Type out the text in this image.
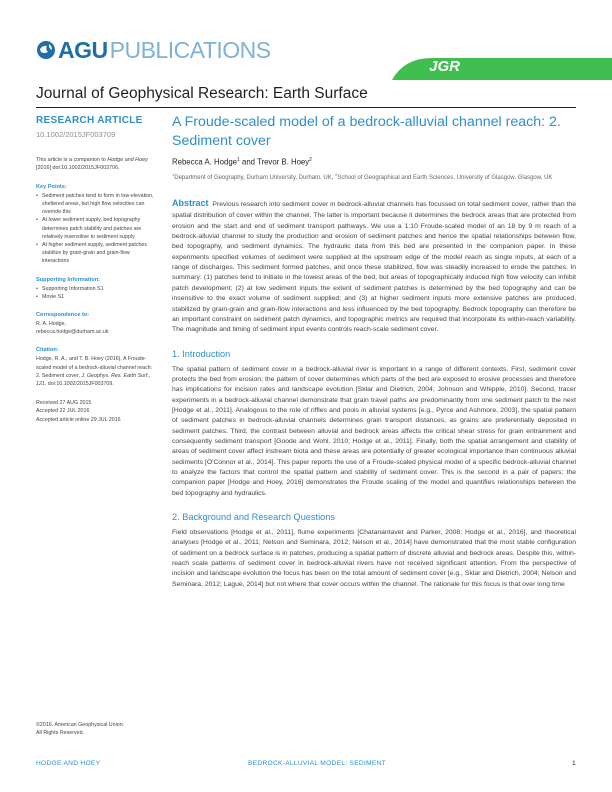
AGU PUBLICATIONS
JGR
Journal of Geophysical Research: Earth Surface
RESEARCH ARTICLE
10.1002/2015JF003709
This article is a companion to Hodge and Hoey [2016] doi:10.1002/2015JF003706.
Key Points:
• Sediment patches tend to form in low-elevation, sheltered areas, but high flow velocities can override this
• At lower sediment supply, bed topography determines patch stability and patches are relatively insensitive to sediment supply
• At higher sediment supply, sediment patches stabilize by grain-grain and grain-flow interactions
Supporting Information:
• Supporting Information S1
• Movie S1
Correspondence to:
R. A. Hodge,
rebecca.hodge@durham.ac.uk
Citation:
Hodge, R. A., and T. B. Hoey (2016), A Froude-scaled model of a bedrock-alluvial channel reach: 2. Sediment cover, J. Geophys. Res. Earth Surf., 121, doi:10.1002/2015JF003709.
Received 27 AUG 2015
Accepted 22 JUL 2016
Accepted article online 29 JUL 2016
©2016. American Geophysical Union.
All Rights Reserved.
A Froude-scaled model of a bedrock-alluvial channel reach: 2. Sediment cover
Rebecca A. Hodge$^1$ and Trevor B. Hoey$^2$
$^1$Department of Geography, Durham University, Durham, UK, $^2$School of Geographical and Earth Sciences, University of Glasgow, Glasgow, UK
Abstract Previous research into sediment cover in bedrock-alluvial channels has focussed on total sediment cover, rather than the spatial distribution of cover within the channel. The latter is important because it determines the bedrock areas that are protected from erosion and the start and end of sediment transport pathways. We use a 1:10 Froude-scaled model of an 18 by 9 m reach of a bedrock-alluvial channel to study the production and erosion of sediment patches and hence the spatial relationships between flow, bed topography, and sediment dynamics. The hydraulic data from this bed are presented in the companion paper. In these experiments specified volumes of sediment were supplied at the upstream edge of the model reach as single inputs, at each of a range of discharges. This sediment formed patches, and once these stabilized, flow was steadily increased to erode the patches. In summary: (1) patches tend to initiate in the lowest areas of the bed, but areas of topographically induced high flow velocity can inhibit patch development; (2) at low sediment inputs the extent of sediment patches is determined by the bed topography and can be insensitive to the exact volume of sediment supplied; and (3) at higher sediment inputs more extensive patches are produced, stabilized by grain-grain and grain-flow interactions and less influenced by the bed topography. Bedrock topography can therefore be an important constraint on sediment patch dynamics, and topographic metrics are required that incorporate its within-reach variability. The magnitude and timing of sediment input events controls reach-scale sediment cover.
1. Introduction
The spatial pattern of sediment cover in a bedrock-alluvial river is important in a range of different contexts. First, sediment cover protects the bed from erosion; the pattern of cover determines which parts of the bed are exposed to erosive processes and therefore has implications for incision rates and landscape evolution [Sklar and Dietrich, 2004; Johnson and Whipple, 2010]. Second, tracer experiments in a bedrock-alluvial channel demonstrate that grain travel paths are predominantly from one sediment patch to the next [Hodge et al., 2011]. Analogous to the role of riffles and pools in alluvial systems [e.g., Pyrce and Ashmore, 2003], the spatial pattern of sediment patches in bedrock-alluvial channels determines grain transport distances, as grains are preferentially deposited in sediment patches. Third, the contrast between alluvial and bedrock areas affects the critical shear stress for grain entrainment and consequently sediment transport [Goode and Wohl, 2010; Hodge et al., 2011]. Finally, both the spatial arrangement and stability of areas of sediment cover affect instream biota and these areas are potentially of greater ecological importance than continuous alluvial sediments [O'Connor et al., 2014]. This paper reports the use of a Froude-scaled physical model of a specific bedrock-alluvial channel to analyze the factors that control the spatial pattern and stability of sediment cover. This is the second in a pair of papers; the companion paper [Hodge and Hoey, 2016] demonstrates the Froude scaling of the model and quantifies relationships between the bed topography and hydraulics.
2. Background and Research Questions
Field observations [Hodge et al., 2011], flume experiments [Chatanantavet and Parker, 2008; Hodge et al., 2016], and theoretical analyses [Hodge et al., 2011; Nelson and Seminara, 2012; Nelson et al., 2014] have demonstrated that the most stable configuration of sediment on a bedrock surface is in patches, producing a spatial pattern of discrete alluvial and bedrock areas. Despite this, within-reach scale patterns of sediment cover in bedrock-alluvial rivers have not received significant attention. From the perspective of incision and landscape evolution the focus has been on the total amount of sediment cover [e.g., Sklar and Dietrich, 2004; Nelson and Seminara, 2012; Lague, 2014] but not where that cover occurs within the channel. The rationale for this focus is that over long time
HODGE AND HOEY	BEDROCK-ALLUVIAL MODEL: SEDIMENT	1
